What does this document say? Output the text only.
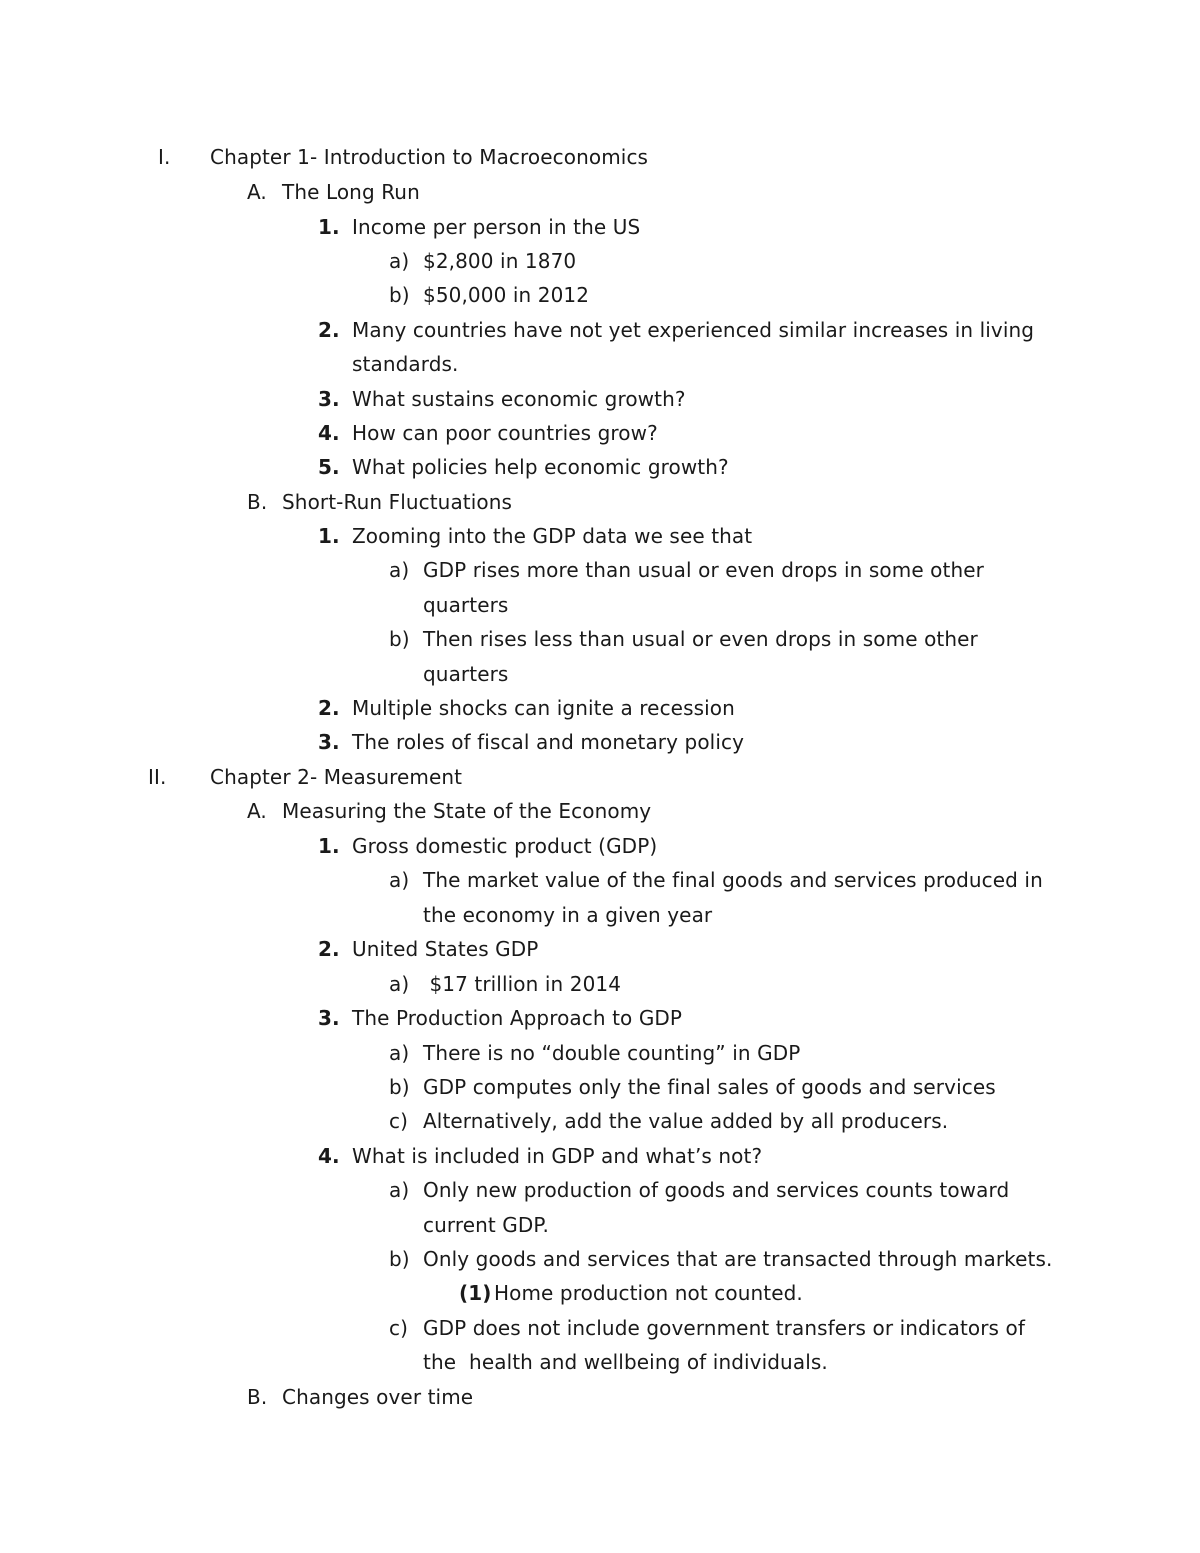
I. Chapter 1- Introduction to Macroeconomics
A. The Long Run
1. Income per person in the US
a) $2,800 in 1870
b) $50,000 in 2012
2. Many countries have not yet experienced similar increases in living
standards.
3. What sustains economic growth?
4. How can poor countries grow?
5. What policies help economic growth?
B. Short-Run Fluctuations
1. Zooming into the GDP data we see that
a) GDP rises more than usual or even drops in some other
quarters
b) Then rises less than usual or even drops in some other
quarters
2. Multiple shocks can ignite a recession
3. The roles of fiscal and monetary policy
II. Chapter 2- Measurement
A. Measuring the State of the Economy
1. Gross domestic product (GDP)
a) The market value of the final goods and services produced in
the economy in a given year
2. United States GDP
a) $17 trillion in 2014
3. The Production Approach to GDP
a) There is no “double counting” in GDP
b) GDP computes only the final sales of goods and services
c) Alternatively, add the value added by all producers.
4. What is included in GDP and what’s not?
a) Only new production of goods and services counts toward
current GDP.
b) Only goods and services that are transacted through markets.
(1) Home production not counted.
c) GDP does not include government transfers or indicators of
the  health and wellbeing of individuals.
B. Changes over time
